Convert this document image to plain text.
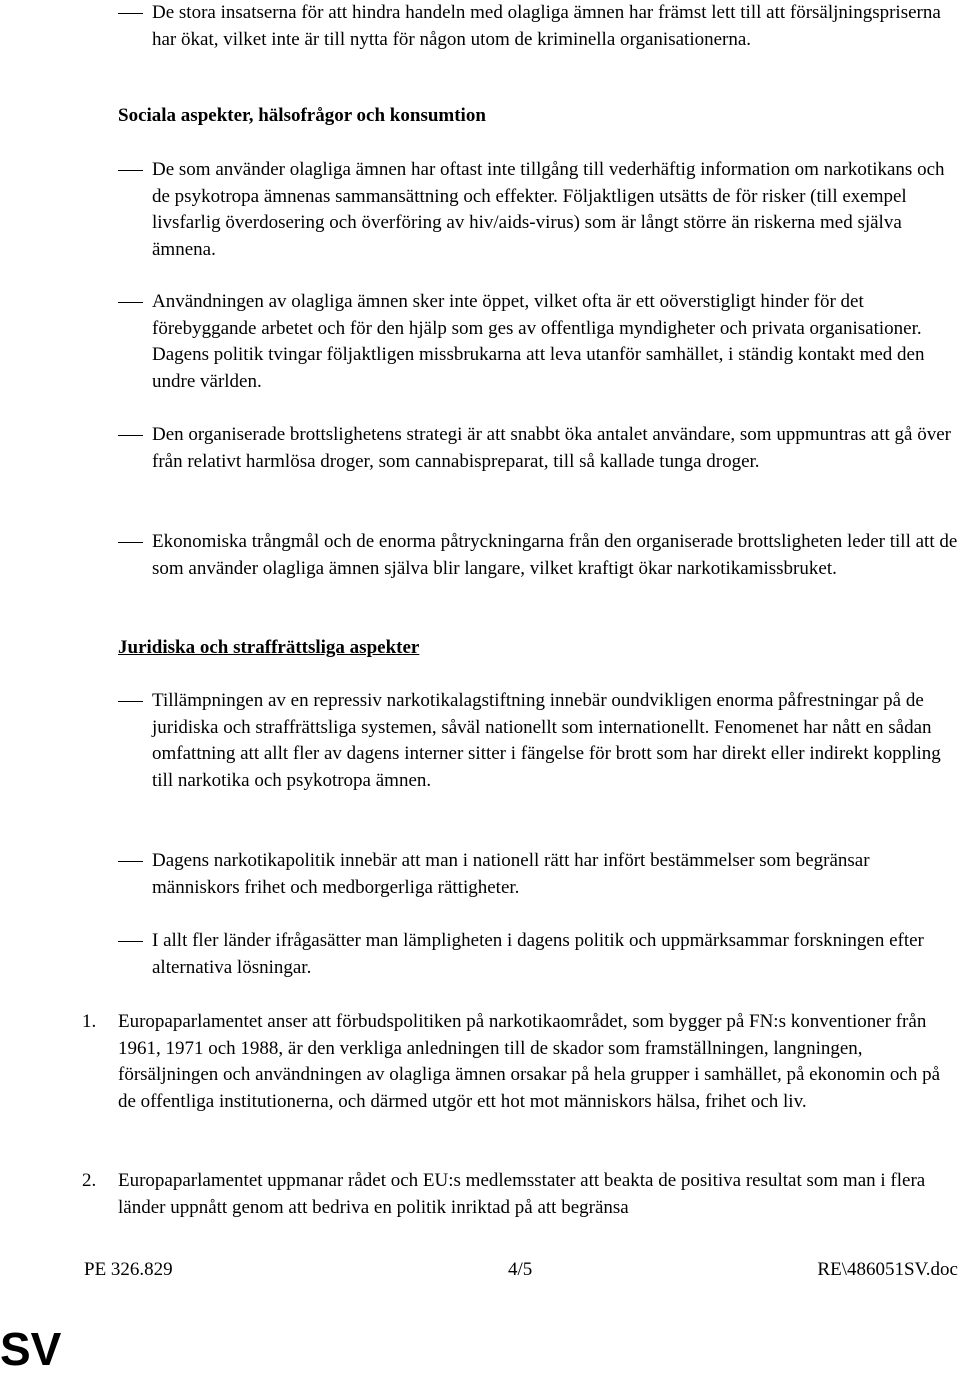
De stora insatserna för att hindra handeln med olagliga ämnen har främst lett till att försäljningspriserna har ökat, vilket inte är till nytta för någon utom de kriminella organisationerna.

Sociala aspekter, hälsofrågor och konsumtion

De som använder olagliga ämnen har oftast inte tillgång till vederhäftig information om narkotikans och de psykotropa ämnenas sammansättning och effekter. Följaktligen utsätts de för risker (till exempel livsfarlig överdosering och överföring av hiv/aids-virus) som är långt större än riskerna med själva ämnena.

Användningen av olagliga ämnen sker inte öppet, vilket ofta är ett oöverstigligt hinder för det förebyggande arbetet och för den hjälp som ges av offentliga myndigheter och privata organisationer. Dagens politik tvingar följaktligen missbrukarna att leva utanför samhället, i ständig kontakt med den undre världen.

Den organiserade brottslighetens strategi är att snabbt öka antalet användare, som uppmuntras att gå över från relativt harmlösa droger, som cannabispreparat, till så kallade tunga droger.

Ekonomiska trångmål och de enorma påtryckningarna från den organiserade brottsligheten leder till att de som använder olagliga ämnen själva blir langare, vilket kraftigt ökar narkotikamissbruket.

Juridiska och straffrättsliga aspekter

Tillämpningen av en repressiv narkotikalagstiftning innebär oundvikligen enorma påfrestningar på de juridiska och straffrättsliga systemen, såväl nationellt som internationellt. Fenomenet har nått en sådan omfattning att allt fler av dagens interner sitter i fängelse för brott som har direkt eller indirekt koppling till narkotika och psykotropa ämnen.

Dagens narkotikapolitik innebär att man i nationell rätt har infört bestämmelser som begränsar människors frihet och medborgerliga rättigheter.

I allt fler länder ifrågasätter man lämpligheten i dagens politik och uppmärksammar forskningen efter alternativa lösningar.

1.	Europaparlamentet anser att förbudspolitiken på narkotikaområdet, som bygger på FN:s konventioner från 1961, 1971 och 1988, är den verkliga anledningen till de skador som framställningen, langningen, försäljningen och användningen av olagliga ämnen orsakar på hela grupper i samhället, på ekonomin och på de offentliga institutionerna, och därmed utgör ett hot mot människors hälsa, frihet och liv.

2.	Europaparlamentet uppmanar rådet och EU:s medlemsstater att beakta de positiva resultat som man i flera länder uppnått genom att bedriva en politik inriktad på att begränsa

PE 326.829	4/5	RE\486051SV.doc
SV
